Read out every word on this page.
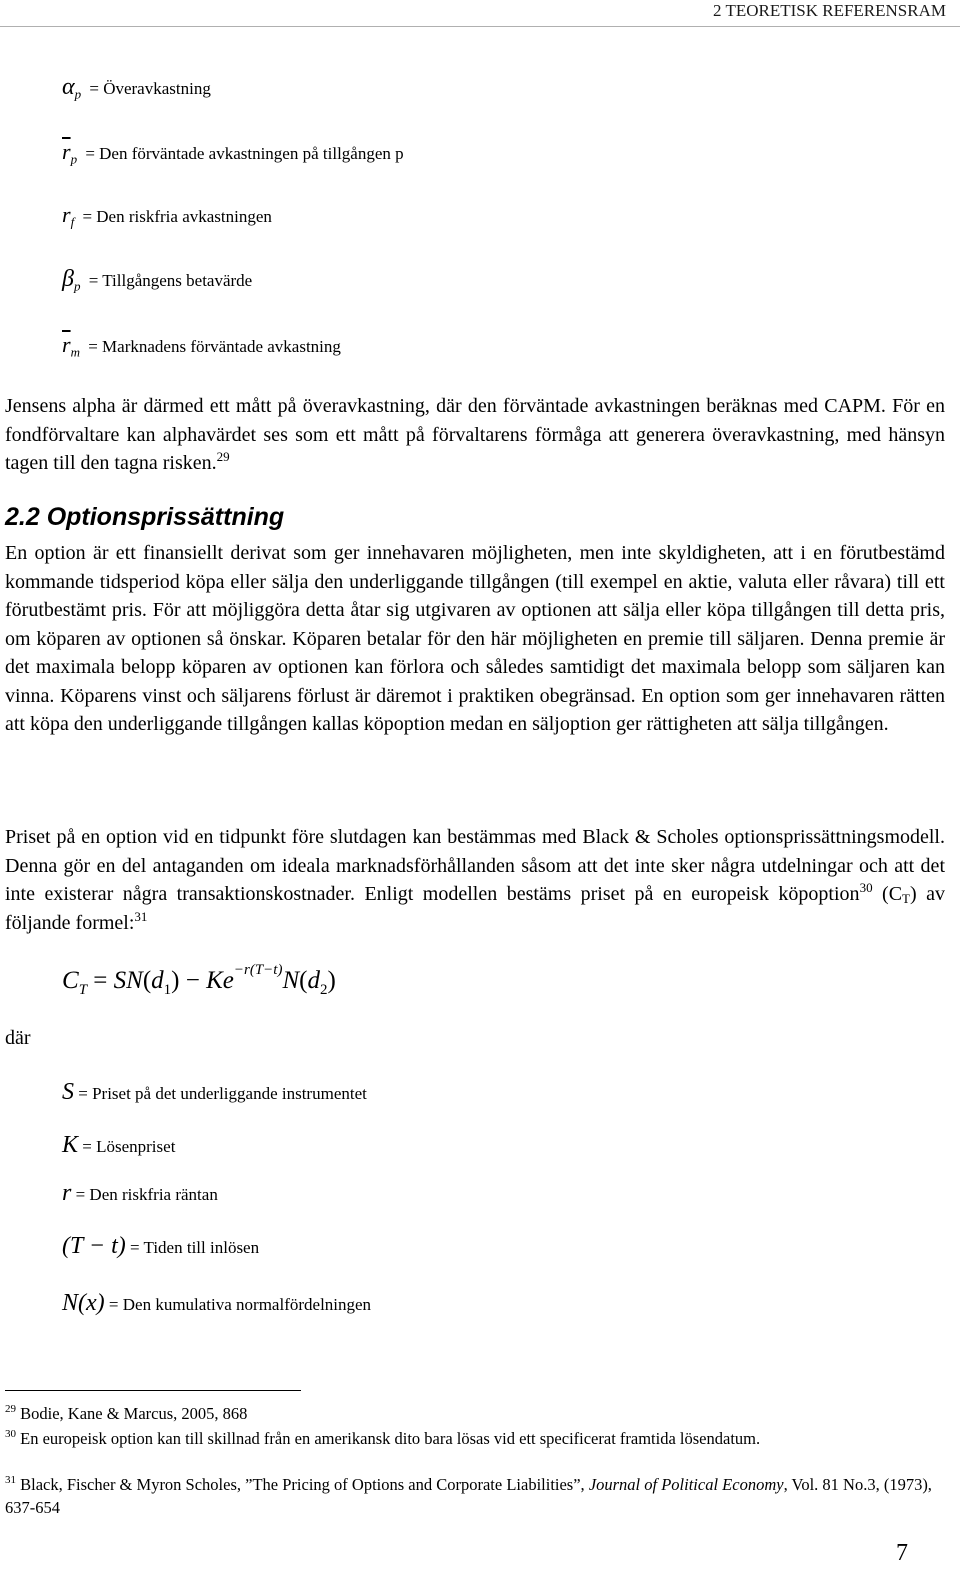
2 TEORETISK REFERENSRAM
$\alpha_p$ = Överavkastning
$\overline{r}_p$ = Den förväntade avkastningen på tillgången p
$r_f$ = Den riskfria avkastningen
$\beta_p$ = Tillgångens betavärde
$\overline{r}_m$ = Marknadens förväntade avkastning

Jensens alpha är därmed ett mått på överavkastning, där den förväntade avkastningen beräknas med CAPM. För en fondförvaltare kan alphavärdet ses som ett mått på förvaltarens förmåga att generera överavkastning, med hänsyn tagen till den tagna risken.$^{29}$

2.2 Optionsprissättning

En option är ett finansiellt derivat som ger innehavaren möjligheten, men inte skyldigheten, att i en förutbestämd kommande tidsperiod köpa eller sälja den underliggande tillgången (till exempel en aktie, valuta eller råvara) till ett förutbestämt pris. För att möjliggöra detta åtar sig utgivaren av optionen att sälja eller köpa tillgången till detta pris, om köparen av optionen så önskar. Köparen betalar för den här möjligheten en premie till säljaren. Denna premie är det maximala belopp köparen av optionen kan förlora och således samtidigt det maximala belopp som säljaren kan vinna. Köparens vinst och säljarens förlust är däremot i praktiken obegränsad. En option som ger innehavaren rätten att köpa den underliggande tillgången kallas köpoption medan en säljoption ger rättigheten att sälja tillgången.

Priset på en option vid en tidpunkt före slutdagen kan bestämmas med Black & Scholes optionsprissättningsmodell. Denna gör en del antaganden om ideala marknadsförhållanden såsom att det inte sker några utdelningar och att det inte existerar några transaktionskostnader. Enligt modellen bestäms priset på en europeisk köpoption$^{30}$ $(C_T)$ av följande formel:$^{31}$

$C_T = SN(d_1) - Ke^{-r(T-t)}N(d_2)$
där
S = Priset på det underliggande instrumentet
K = Lösenpriset
r = Den riskfria räntan
(T − t) = Tiden till inlösen
N(x) = Den kumulativa normalfördelningen

$^{29}$ Bodie, Kane & Marcus, 2005, 868

$^{30}$ En europeisk option kan till skillnad från en amerikansk dito bara lösas vid ett specificerat framtida lösendatum.

$^{31}$ Black, Fischer & Myron Scholes, ”The Pricing of Options and Corporate Liabilities”, Journal of Political Economy, Vol. 81 No.3, (1973), 637-654

7
